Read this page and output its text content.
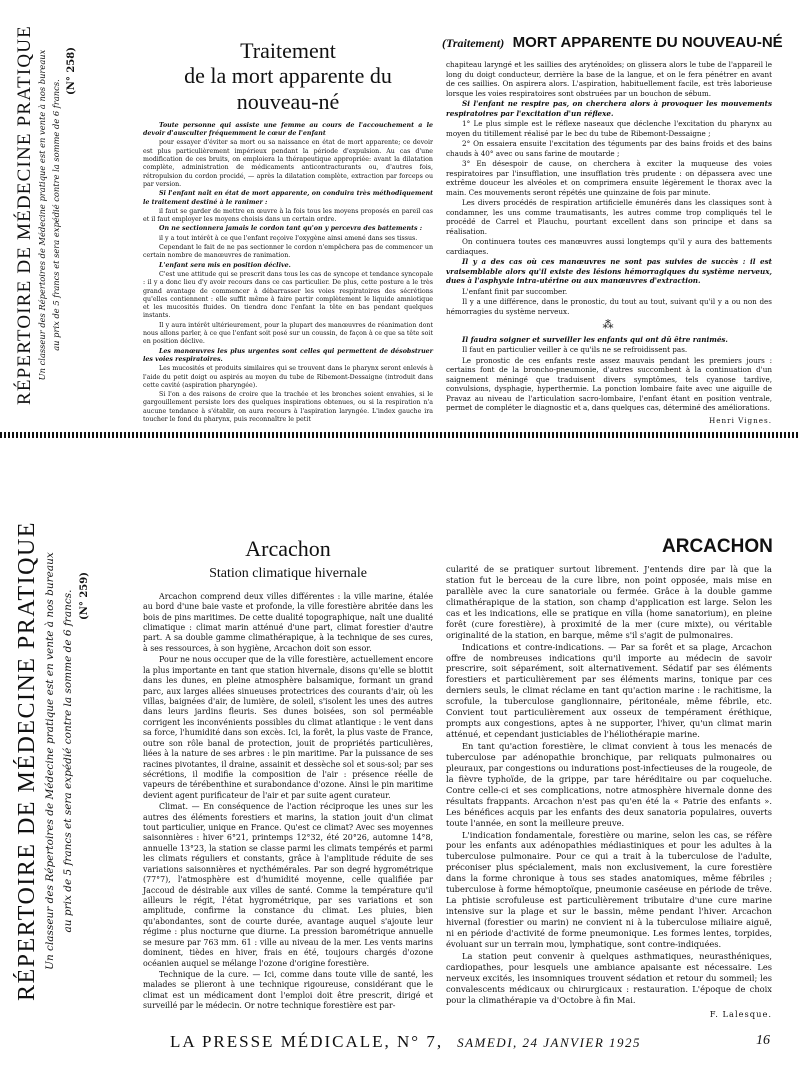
RÉPERTOIRE DE MÉDECINE PRATIQUE Un classeur des Répertoires de Médecine pratique est en vente à nos bureaux au prix de 5 francs et sera expédié contre la somme de 6 francs.
(N° 258)
(Traitement) MORT APPARENTE DU NOUVEAU-NÉ
Traitement
de la mort apparente du nouveau-né

Toute personne qui assiste une femme au cours de l'accouchement a le devoir d'ausculter fréquemment le cœur de l'enfant

pour essayer d'éviter sa mort ou sa naissance en état de mort apparente; ce devoir est plus particulièrement impérieux pendant la période d'expulsion. Au cas d'une modification de ces bruits, on emploiera la thérapeutique appropriée: avant la dilatation complète, administration de médicaments anticontracturants ou, d'autres fois, rétropulsion du cordon procidé, — après la dilatation complète, extraction par forceps ou par version.

Si l'enfant naît en état de mort apparente, on conduira très méthodiquement le traitement destiné à le ranimer :

il faut se garder de mettre en œuvre à la fois tous les moyens proposés en pareil cas et il faut employer les moyens choisis dans un certain ordre.

On ne sectionnera jamais le cordon tant qu'on y percevra des battements :

il y a tout intérêt à ce que l'enfant reçoive l'oxygène ainsi amené dans ses tissus.

Cependant le fait de ne pas sectionner le cordon n'empêchera pas de commencer un certain nombre de manœuvres de ranimation.

L'enfant sera mis en position déclive.

C'est une attitude qui se prescrit dans tous les cas de syncope et tendance syncopale : il y a donc lieu d'y avoir recours dans ce cas particulier. De plus, cette posture a le très grand avantage de commencer à débarrasser les voies respiratoires des sécrétions qu'elles contiennent : elle suffit même à faire partir complètement le liquide amniotique et les mucosités fluides. On tiendra donc l'enfant la tête en bas pendant quelques instants.

Il y aura intérêt ultérieurement, pour la plupart des manœuvres de réanimation dont nous allons parler, à ce que l'enfant soit posé sur un coussin, de façon à ce que sa tête soit en position déclive.

Les manœuvres les plus urgentes sont celles qui permettent de désobstruer les voies respiratoires.

Les mucosités et produits similaires qui se trouvent dans le pharynx seront enlevés à l'aide du petit doigt ou aspirés au moyen du tube de Ribemont-Dessaigne (introduit dans cette cavité (aspiration pharyngée).

Si l'on a des raisons de croire que la trachée et les bronches soient envahies, si le gargouillement persiste lors des quelques inspirations obtenues, ou si la respiration n'a aucune tendance à s'établir, on aura recours à l'aspiration laryngée. L'index gauche ira toucher le fond du pharynx, puis reconnaître le petit

chapiteau laryngé et les saillies des aryténoïdes; on glissera alors le tube de l'appareil le long du doigt conducteur, derrière la base de la langue, et on le fera pénétrer en avant de ces saillies. On aspirera alors. L'aspiration, habituellement facile, est très laborieuse lorsque les voies respiratoires sont obstruées par un bouchon de sébum.

Si l'enfant ne respire pas, on cherchera alors à provoquer les mouvements respiratoires par l'excitation d'un réflexe.

1° Le plus simple est le réflexe naseaux que déclenche l'excitation du pharynx au moyen du titillement réalisé par le bec du tube de Ribemont-Dessaigne ;

2° On essaiera ensuite l'excitation des téguments par des bains froids et des bains chauds à 40° avec ou sans farine de moutarde ;

3° En désespoir de cause, on cherchera à exciter la muqueuse des voies respiratoires par l'insufflation, une insufflation très prudente : on dépassera avec une extrême douceur les alvéoles et on comprimera ensuite légèrement le thorax avec la main. Ces mouvements seront répétés une quinzaine de fois par minute.

Les divers procédés de respiration artificielle émunérés dans les classiques sont à condamner, les uns comme traumatisants, les autres comme trop compliqués tel le procédé de Carrel et Plauchu, pourtant excellent dans son principe et dans sa réalisation.

On continuera toutes ces manœuvres aussi longtemps qu'il y aura des battements cardiaques.

Il y a des cas où ces manœuvres ne sont pas suivies de succès : il est vraisemblable alors qu'il existe des lésions hémorragiques du système nerveux, dues à l'asphyxie intra-utérine ou aux manœuvres d'extraction.

L'enfant finit par succomber.

Il y a une différence, dans le pronostic, du tout au tout, suivant qu'il y a ou non des hémorragies du système nerveux.

⁂

Il faudra soigner et surveiller les enfants qui ont dû être ranimés.

Il faut en particulier veiller à ce qu'ils ne se refroidissent pas.

Le pronostic de ces enfants reste assez mauvais pendant les premiers jours : certains font de la broncho-pneumonie, d'autres succombent à la continuation d'un saignement méningé que traduisent divers symptômes, tels cyanose tardive, convulsions, dysphagie, hyperthermie. La ponction lombaire faite avec une aiguille de Pravaz au niveau de l'articulation sacro-lombaire, l'enfant étant en position ventrale, permet de compléter le diagnostic et a, dans quelques cas, déterminé des améliorations.

Henri Vignes.
RÉPERTOIRE DE MÉDECINE PRATIQUE Un classeur des Répertoires de Médecine pratique est en vente à nos bureaux au prix de 5 francs et sera expédié contre la somme de 6 francs. (N° 259)
ARCACHON
Arcachon
Station climatique hivernale

Arcachon comprend deux villes différentes : la ville marine, étalée au bord d'une baie vaste et profonde, la ville forestière abritée dans les bois de pins maritimes. De cette dualité topographique, naît une dualité climatique : climat marin atténué d'une part, climat forestier d'autre part. A sa double gamme climathérapique, à la technique de ses cures, à ses ressources, à son hygiène, Arcachon doit son essor.

Pour ne nous occuper que de la ville forestière, actuellement encore la plus importante en tant que station hivernale, disons qu'elle se blottit dans les dunes, en pleine atmosphère balsamique, formant un grand parc, aux larges allées sinueuses protectrices des courants d'air, où les villas, baignées d'air, de lumière, de soleil, s'isolent les unes des autres dans leurs jardins fleuris. Ses dunes boisées, son sol perméable corrigent les inconvénients possibles du climat atlantique : le vent dans sa force, l'humidité dans son excès. Ici, la forêt, la plus vaste de France, outre son rôle banal de protection, jouit de propriétés particulières, liées à la nature de ses arbres : le pin maritime. Par la puissance de ses racines pivotantes, il draine, assainit et dessèche sol et sous-sol; par ses sécrétions, il modifie la composition de l'air : présence réelle de vapeurs de térébenthine et surabondance d'ozone. Ainsi le pin maritime devient agent purificateur de l'air et par suite agent curateur.

Climat. — En conséquence de l'action réciproque les unes sur les autres des éléments forestiers et marins, la station jouit d'un climat tout particulier, unique en France. Qu'est ce climat? Avec ses moyennes saisonnières : hiver 6°21, printemps 12°32, été 20°26, automne 14°8, annuelle 13°23, la station se classe parmi les climats tempérés et parmi les climats réguliers et constants, grâce à l'amplitude réduite de ses variations saisonnières et nycthémérales. Par son degré hygrométrique (77°7), l'atmosphère est d'humidité moyenne, celle qualifiée par Jaccoud de désirable aux villes de santé. Comme la température qu'il ailleurs le régit, l'état hygrométrique, par ses variations et son amplitude, confirme la constance du climat. Les pluies, bien qu'abondantes, sont de courte durée, avantage auquel s'ajoute leur régime : plus nocturne que diurne. La pression barométrique annuelle se mesure par 763 mm. 61 : ville au niveau de la mer. Les vents marins dominent, tièdes en hiver, frais en été, toujours chargés d'ozone océanien auquel se mélange l'ozone d'origine forestière.

Technique de la cure. — Ici, comme dans toute ville de santé, les malades se plieront à une technique rigoureuse, considérant que le climat est un médicament dont l'emploi doit être prescrit, dirigé et surveillé par le médecin. Or notre technique forestière est par-

cularité de se pratiquer surtout librement. J'entends dire par là que la station fut le berceau de la cure libre, non point opposée, mais mise en parallèle avec la cure sanatoriale ou fermée. Grâce à la double gamme climathérapique de la station, son champ d'application est large. Selon les cas et les indications, elle se pratique en villa (home sanatorium), en pleine forêt (cure forestière), à proximité de la mer (cure mixte), ou véritable originalité de la station, en barque, même s'il s'agit de pulmonaires.

Indications et contre-indications. — Par sa forêt et sa plage, Arcachon offre de nombreuses indications qu'il importe au médecin de savoir prescrire, soit séparément, soit alternativement. Sédatif par ses éléments forestiers et particulièrement par ses éléments marins, tonique par ces derniers seuls, le climat réclame en tant qu'action marine : le rachitisme, la scrofule, la tuberculose ganglionnaire, péritonéale, même fébrile, etc. Convient tout particulièrement aux osseux de tempérament éréthique, prompts aux congestions, aptes à ne supporter, l'hiver, qu'un climat marin atténué, et cependant justiciables de l'héliothérapie marine.

En tant qu'action forestière, le climat convient à tous les menacés de tuberculose par adénopathie bronchique, par reliquats pulmonaires ou pleuraux, par congestions ou indurations post-infectieuses de la rougeole, de la fièvre typhoïde, de la grippe, par tare héréditaire ou par coqueluche. Contre celle-ci et ses complications, notre atmosphère hivernale donne des résultats frappants. Arcachon n'est pas qu'en été la « Patrie des enfants ». Les bénéfices acquis par les enfants des deux sanatoria populaires, ouverts toute l'année, en sont la meilleure preuve.

L'indication fondamentale, forestière ou marine, selon les cas, se réfère pour les enfants aux adénopathies médiastiniques et pour les adultes à la tuberculose pulmonaire. Pour ce qui a trait à la tuberculose de l'adulte, préconiser plus spécialement, mais non exclusivement, la cure forestière dans la forme chronique à tous ses stades anatomiques, même fébriles ; tuberculose à forme hémoptoïque, pneumonie caséeuse en période de trêve. La phtisie scrofuleuse est particulièrement tributaire d'une cure marine intensive sur la plage et sur le bassin, même pendant l'hiver. Arcachon hivernal (forestier ou marin) ne convient ni à la tuberculose miliaire aiguë, ni en période d'activité de forme pneumonique. Les formes lentes, torpides, évoluant sur un terrain mou, lymphatique, sont contre-indiquées.

La station peut convenir à quelques asthmatiques, neurasthéniques, cardiopathes, pour lesquels une ambiance apaisante est nécessaire. Les nerveux excités, les insomniques trouvent sédation et retour du sommeil; les convalescents médicaux ou chirurgicaux : restauration. L'époque de choix pour la climathérapie va d'Octobre à fin Mai.

F. Lalesque.
LA PRESSE MÉDICALE, N° 7, SAMEDI, 24 JANVIER 1925	16
